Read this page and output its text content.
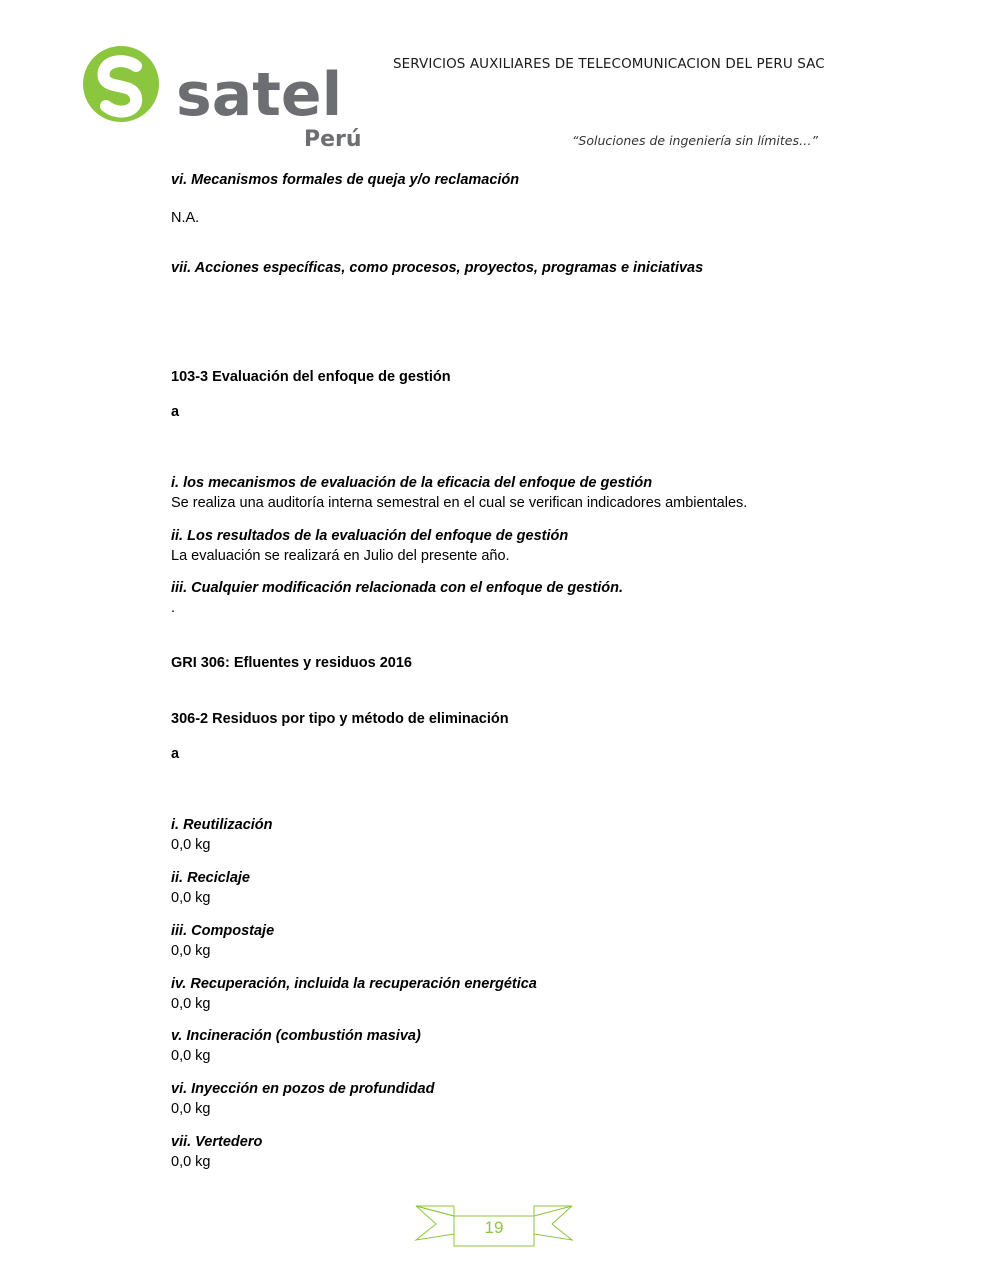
satel
Perú
SERVICIOS AUXILIARES DE TELECOMUNICACION DEL PERU SAC
“Soluciones de ingeniería sin límites…”
vi. Mecanismos formales de queja y/o reclamación
N.A.
vii. Acciones específicas, como procesos, proyectos, programas e iniciativas
103-3 Evaluación del enfoque de gestión
a
i. los mecanismos de evaluación de la eficacia del enfoque de gestión
Se realiza una auditoría interna semestral en el cual se verifican indicadores ambientales.
ii. Los resultados de la evaluación del enfoque de gestión
La evaluación se realizará en Julio del presente año.
iii. Cualquier modificación relacionada con el enfoque de gestión.
.
GRI 306: Efluentes y residuos 2016
306-2 Residuos por tipo y método de eliminación
a
i. Reutilización
0,0 kg
ii. Reciclaje
0,0 kg
iii. Compostaje
0,0 kg
iv. Recuperación, incluida la recuperación energética
0,0 kg
v. Incineración (combustión masiva)
0,0 kg
vi. Inyección en pozos de profundidad
0,0 kg
vii. Vertedero
0,0 kg
19
